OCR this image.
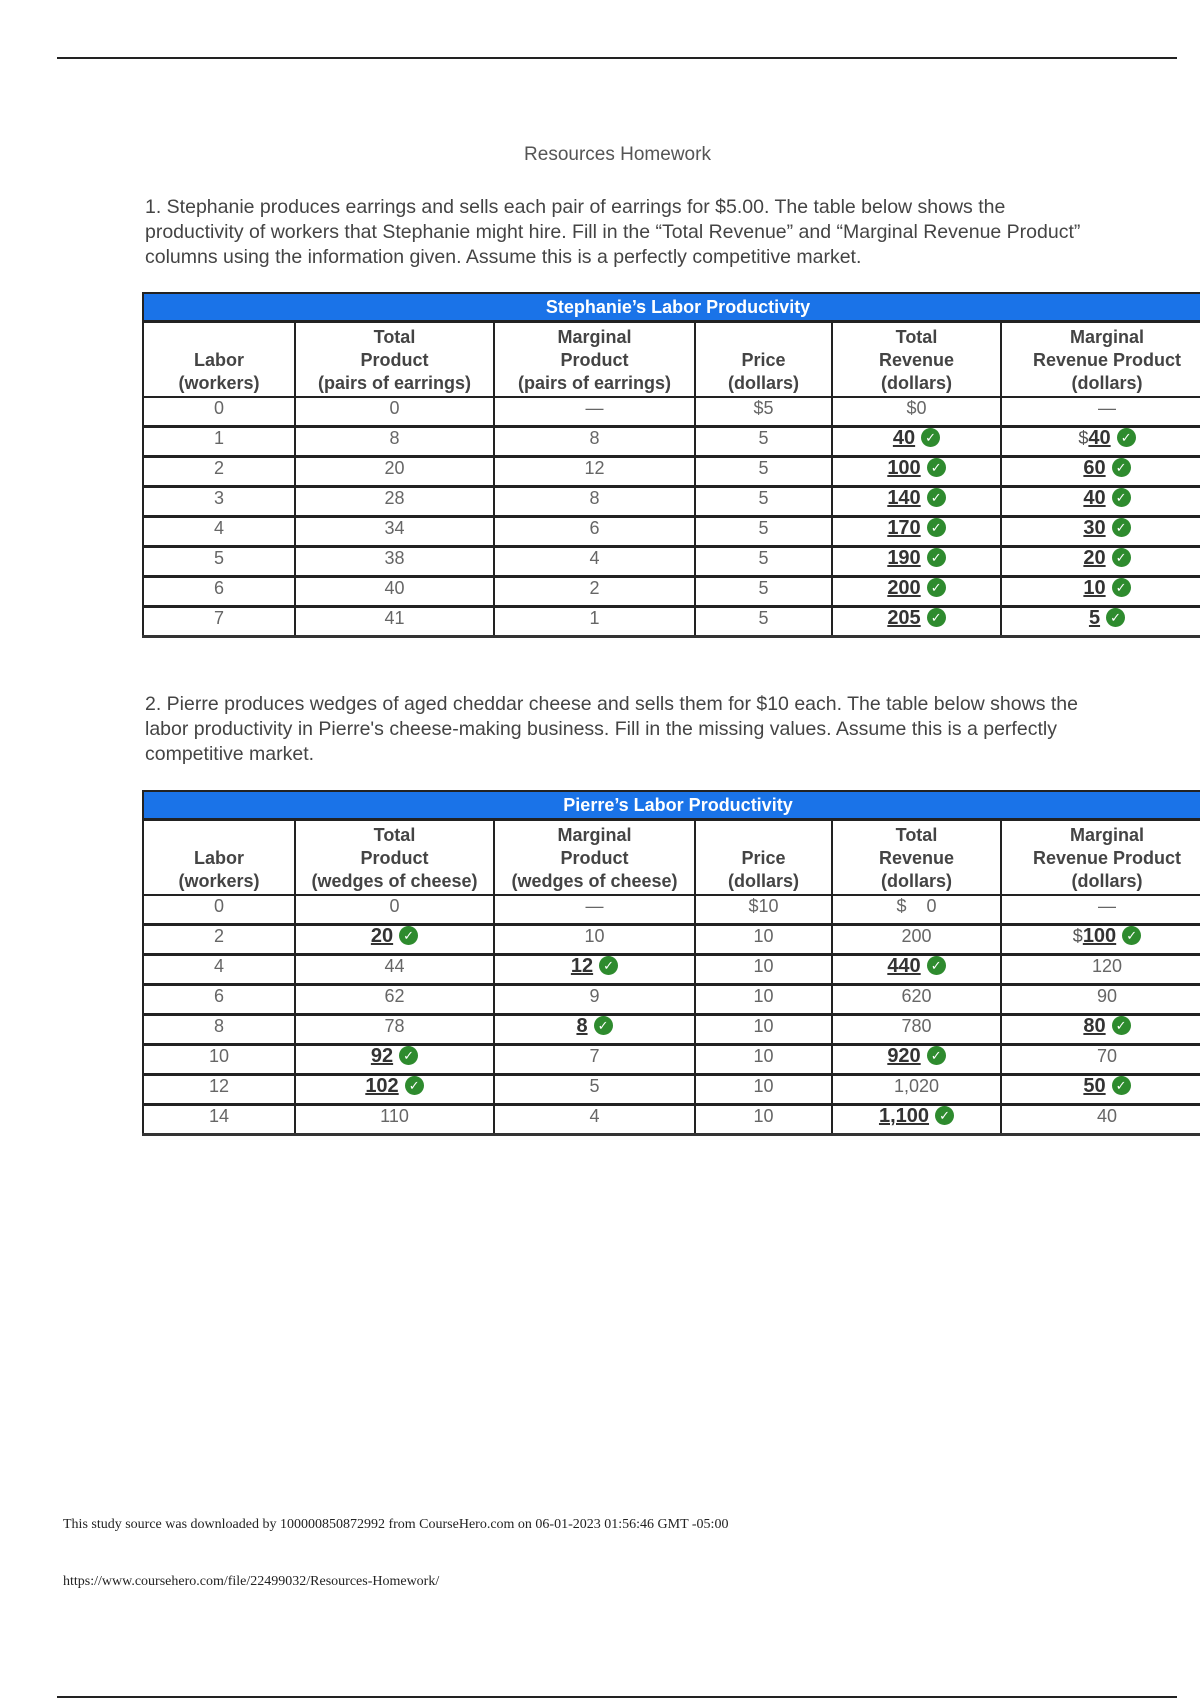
Resources Homework
1. Stephanie produces earrings and sells each pair of earrings for $5.00. The table below shows the productivity of workers that Stephanie might hire. Fill in the “Total Revenue” and “Marginal Revenue Product” columns using the information given. Assume this is a perfectly competitive market.
Stephanie’s Labor Productivity					

Labor
(workers)	Total
Product
(pairs of earrings)	Marginal
Product
(pairs of earrings)	Price
(dollars)	Total
Revenue
(dollars)	Marginal
Revenue Product
(dollars)

0	0	—	$5	$0	—
1	8	8	5	40 ✓	$40 ✓
2	20	12	5	100 ✓	60 ✓
3	28	8	5	140 ✓	40 ✓
4	34	6	5	170 ✓	30 ✓
5	38	4	5	190 ✓	20 ✓
6	40	2	5	200 ✓	10 ✓
7	41	1	5	205 ✓	5 ✓
2. Pierre produces wedges of aged cheddar cheese and sells them for $10 each. The table below shows the labor productivity in Pierre's cheese-making business. Fill in the missing values. Assume this is a perfectly competitive market.
Pierre’s Labor Productivity					

Labor
(workers)	Total
Product
(wedges of cheese)	Marginal
Product
(wedges of cheese)	Price
(dollars)	Total
Revenue
(dollars)	Marginal
Revenue Product
(dollars)

0	0	—	$10	$    0	—
2	20 ✓	10	10	200	$100 ✓
4	44	12 ✓	10	440 ✓	120
6	62	9	10	620	90
8	78	8 ✓	10	780	80 ✓
10	92 ✓	7	10	920 ✓	70
12	102 ✓	5	10	1,020	50 ✓
14	110	4	10	1,100 ✓	40
This study source was downloaded by 100000850872992 from CourseHero.com on 06-01-2023 01:56:46 GMT -05:00
https://www.coursehero.com/file/22499032/Resources-Homework/
